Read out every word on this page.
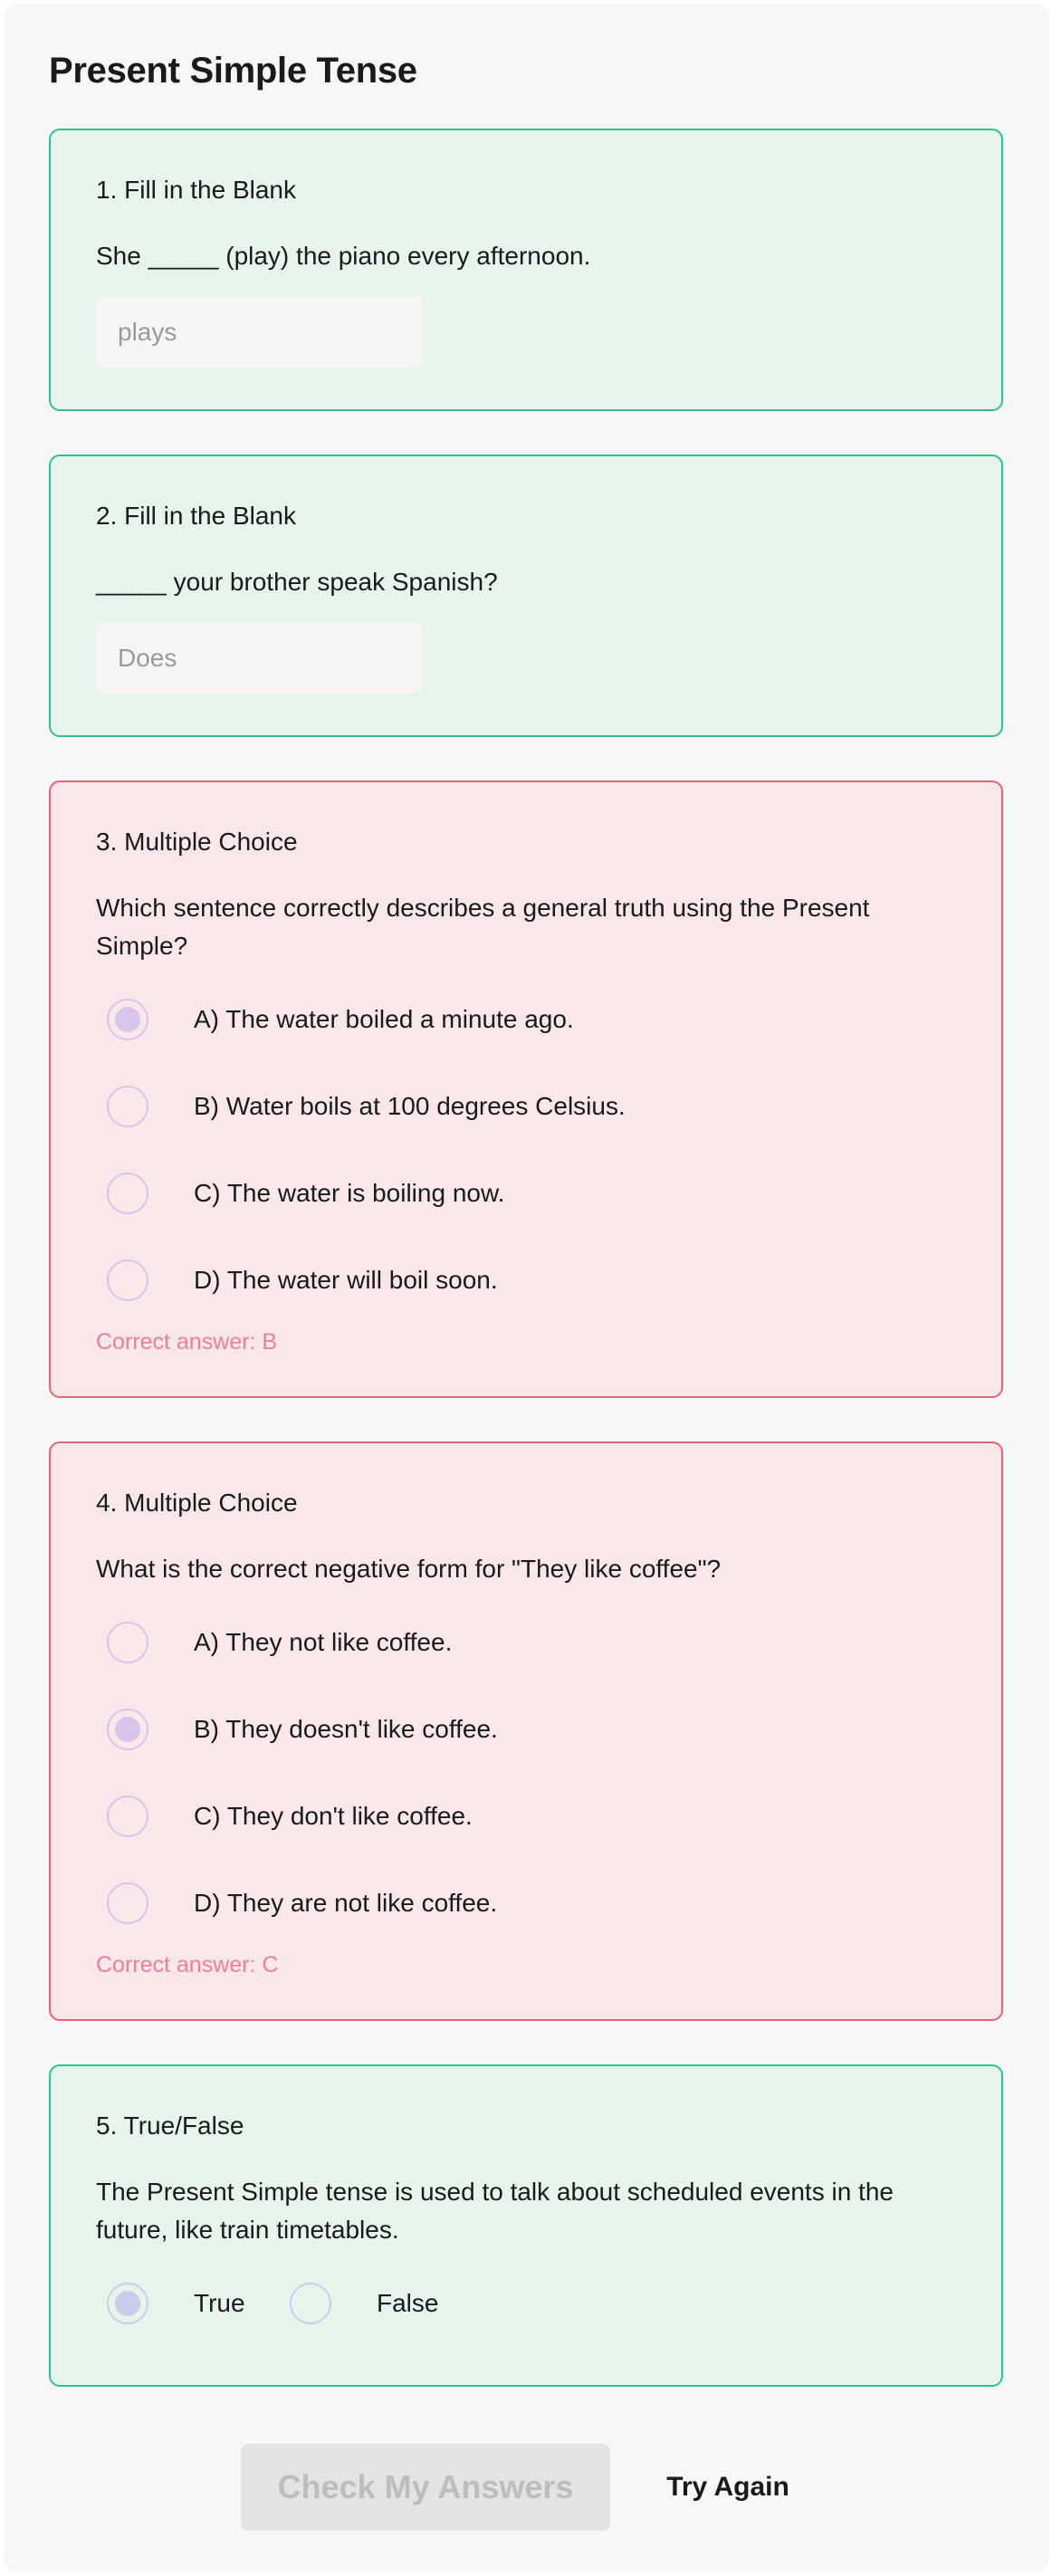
Present Simple Tense
1. Fill in the Blank

She _____ (play) the piano every afternoon.

plays
2. Fill in the Blank

_____ your brother speak Spanish?

Does
3. Multiple Choice

Which sentence correctly describes a general truth using the Present Simple?

A) The water boiled a minute ago.
B) Water boils at 100 degrees Celsius.
C) The water is boiling now.
D) The water will boil soon.

Correct answer: B

4. Multiple Choice

What is the correct negative form for "They like coffee"?

A) They not like coffee.
B) They doesn't like coffee.
C) They don't like coffee.
D) They are not like coffee.

Correct answer: C

5. True/False

The Present Simple tense is used to talk about scheduled events in the future, like train timetables.

True	False
Check My Answers	Try Again
